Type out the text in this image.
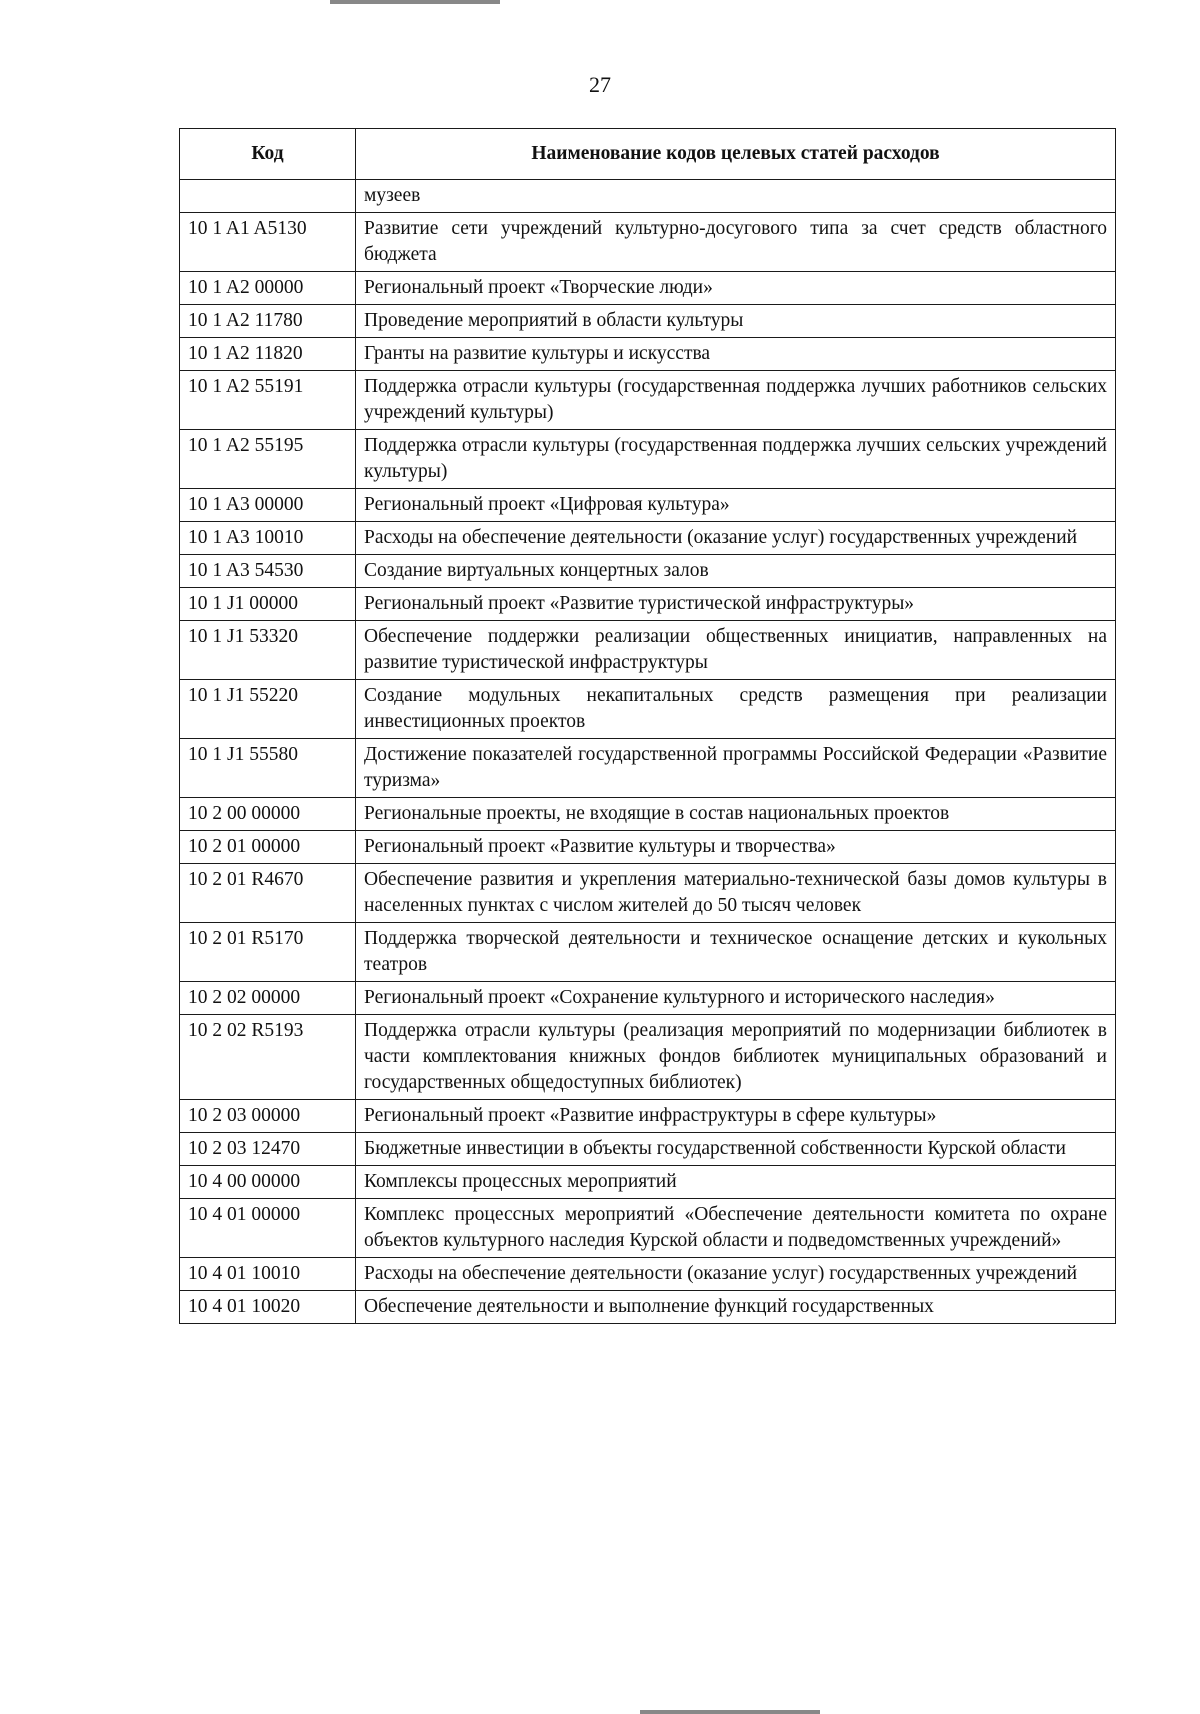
27
Код	Наименование кодов целевых статей расходов
	музеев
10 1 A1 A5130	Развитие сети учреждений культурно-досугового типа за счет средств областного бюджета
10 1 A2 00000	Региональный проект «Творческие люди»
10 1 A2 11780	Проведение мероприятий в области культуры
10 1 A2 11820	Гранты на развитие культуры и искусства
10 1 A2 55191	Поддержка отрасли культуры (государственная поддержка лучших работников сельских учреждений культуры)
10 1 A2 55195	Поддержка отрасли культуры (государственная поддержка лучших сельских учреждений культуры)
10 1 A3 00000	Региональный проект «Цифровая культура»
10 1 A3 10010	Расходы на обеспечение деятельности (оказание услуг) государственных учреждений
10 1 A3 54530	Создание виртуальных концертных залов
10 1 J1 00000	Региональный проект «Развитие туристической инфраструктуры»
10 1 J1 53320	Обеспечение поддержки реализации общественных инициатив, направленных на развитие туристической инфраструктуры
10 1 J1 55220	Создание модульных некапитальных средств размещения при реализации инвестиционных проектов
10 1 J1 55580	Достижение показателей государственной программы Российской Федерации «Развитие туризма»
10 2 00 00000	Региональные проекты, не входящие в состав национальных проектов
10 2 01 00000	Региональный проект «Развитие культуры и творчества»
10 2 01 R4670	Обеспечение развития и укрепления материально-технической базы домов культуры в населенных пунктах с числом жителей до 50 тысяч человек
10 2 01 R5170	Поддержка творческой деятельности и техническое оснащение детских и кукольных театров
10 2 02 00000	Региональный проект «Сохранение культурного и исторического наследия»
10 2 02 R5193	Поддержка отрасли культуры (реализация мероприятий по модернизации библиотек в части комплектования книжных фондов библиотек муниципальных образований и государственных общедоступных библиотек)
10 2 03 00000	Региональный проект «Развитие инфраструктуры в сфере культуры»
10 2 03 12470	Бюджетные инвестиции в объекты государственной собственности Курской области
10 4 00 00000	Комплексы процессных мероприятий
10 4 01 00000	Комплекс процессных мероприятий «Обеспечение деятельности комитета по охране объектов культурного наследия Курской области и подведомственных учреждений»
10 4 01 10010	Расходы на обеспечение деятельности (оказание услуг) государственных учреждений
10 4 01 10020	Обеспечение деятельности и выполнение функций государственных
